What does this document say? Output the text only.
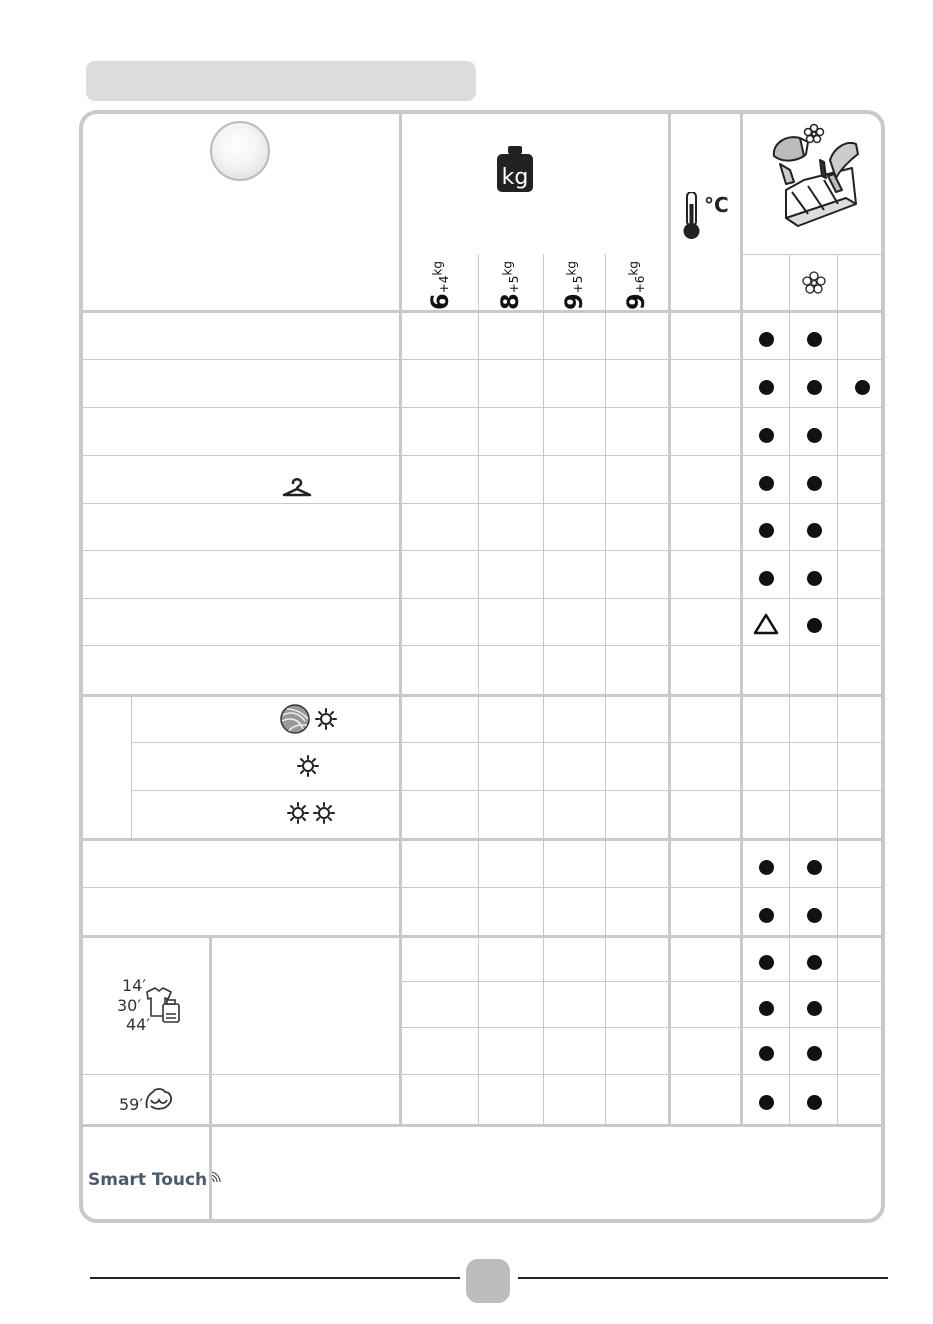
kg
°C
$6+4^{kg}$
$8+5^{kg}$
$9+5^{kg}$
$9+6^{kg}$
14′
30′
44′
59′
Smart Touch
